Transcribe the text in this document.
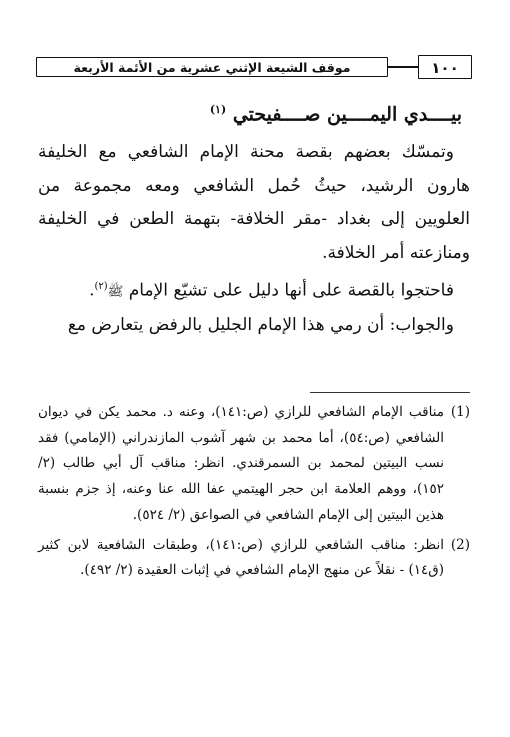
١٠٠
موقف الشيعة الإثني عشرية من الأئمة الأربعة
بيــــدي اليمــــين صــــفيحتي $^{(١)}$

وتمسّك بعضهم بقصة محنة الإمام الشافعي مع الخليفة هارون الرشيد، حيثُ حُمل الشافعي ومعه مجموعة من العلويين إلى بغداد -مقر الخلافة- بتهمة الطعن في الخليفة ومنازعته أمر الخلافة.

فاحتجوا بالقصة على أنها دليل على تشيّع الإمام ﷺ$^{(٢)}$.

والجواب: أن رمي هذا الإمام الجليل بالرفض يتعارض مع

(1)مناقب الإمام الشافعي للرازي (ص:١٤١)، وعنه د. محمد يكن في ديوان الشافعي (ص:٥٤)، أما محمد بن شهر آشوب المازندراني (الإمامي) فقد نسب البيتين لمحمد بن السمرقندي. انظر: مناقب آل أبي طالب (٢/ ١٥٢)، ووهم العلامة ابن حجر الهيتمي عفا الله عنا وعنه، إذ جزم بنسبة هذين البيتين إلى الإمام الشافعي في الصواعق (٢/ ٥٢٤).

(2)انظر: مناقب الشافعي للرازي (ص:١٤١)، وطبقات الشافعية لابن كثير (ق١٤) - نقلاً عن منهج الإمام الشافعي في إثبات العقيدة (٢/ ٤٩٢).
